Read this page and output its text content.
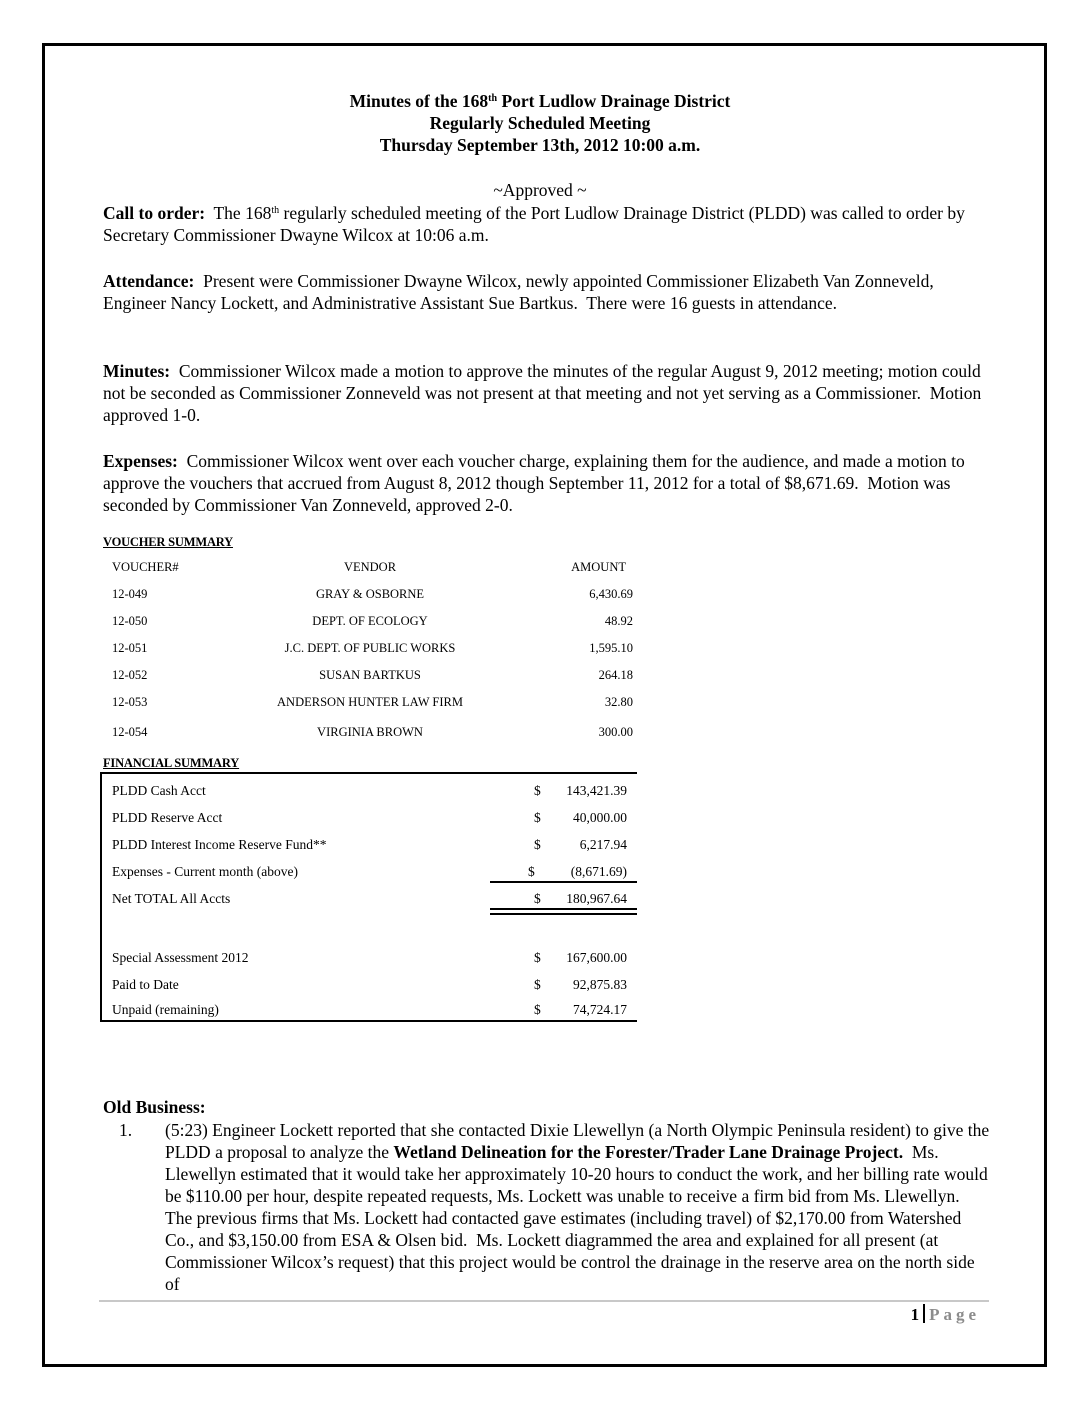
Minutes of the 168th Port Ludlow Drainage District
Regularly Scheduled Meeting
Thursday September 13th, 2012 10:00 a.m.
~Approved ~
Call to order:  The 168th regularly scheduled meeting of the Port Ludlow Drainage District (PLDD) was called to order by Secretary Commissioner Dwayne Wilcox at 10:06 a.m.
Attendance:  Present were Commissioner Dwayne Wilcox, newly appointed Commissioner Elizabeth Van Zonneveld, Engineer Nancy Lockett, and Administrative Assistant Sue Bartkus.  There were 16 guests in attendance.
Minutes:  Commissioner Wilcox made a motion to approve the minutes of the regular August 9, 2012 meeting; motion could not be seconded as Commissioner Zonneveld was not present at that meeting and not yet serving as a Commissioner.  Motion approved 1-0.
Expenses:  Commissioner Wilcox went over each voucher charge, explaining them for the audience, and made a motion to approve the vouchers that accrued from August 8, 2012 though September 11, 2012 for a total of $8,671.69.  Motion was seconded by Commissioner Van Zonneveld, approved 2-0.
VOUCHER SUMMARY
VOUCHER#	VENDOR	AMOUNT
12-049	GRAY & OSBORNE	6,430.69
12-050	DEPT. OF ECOLOGY	48.92
12-051	J.C. DEPT. OF PUBLIC WORKS	1,595.10
12-052	SUSAN BARTKUS	264.18
12-053	ANDERSON HUNTER LAW FIRM	32.80
12-054	VIRGINIA BROWN	300.00
FINANCIAL SUMMARY
PLDD Cash Acct	$ 143,421.39
PLDD Reserve Acct	$ 40,000.00
PLDD Interest Income Reserve Fund**	$	6,217.94
Expenses - Current month (above)	$	(8,671.69)
Net TOTAL All Accts	$ 180,967.64
Special Assessment 2012	$ 167,600.00
Paid to Date	$ 92,875.83
Unpaid (remaining)	$ 74,724.17
Old Business:
1. (5:23) Engineer Lockett reported that she contacted Dixie Llewellyn (a North Olympic Peninsula resident) to give the PLDD a proposal to analyze the Wetland Delineation for the Forester/Trader Lane Drainage Project.  Ms. Llewellyn estimated that it would take her approximately 10-20 hours to conduct the work, and her billing rate would be $110.00 per hour, despite repeated requests, Ms. Lockett was unable to receive a firm bid from Ms. Llewellyn.  The previous firms that Ms. Lockett had contacted gave estimates (including travel) of $2,170.00 from Watershed Co., and $3,150.00 from ESA & Olsen bid.  Ms. Lockett diagrammed the area and explained for all present (at Commissioner Wilcox’s request) that this project would be control the drainage in the reserve area on the north side of
1 Page
